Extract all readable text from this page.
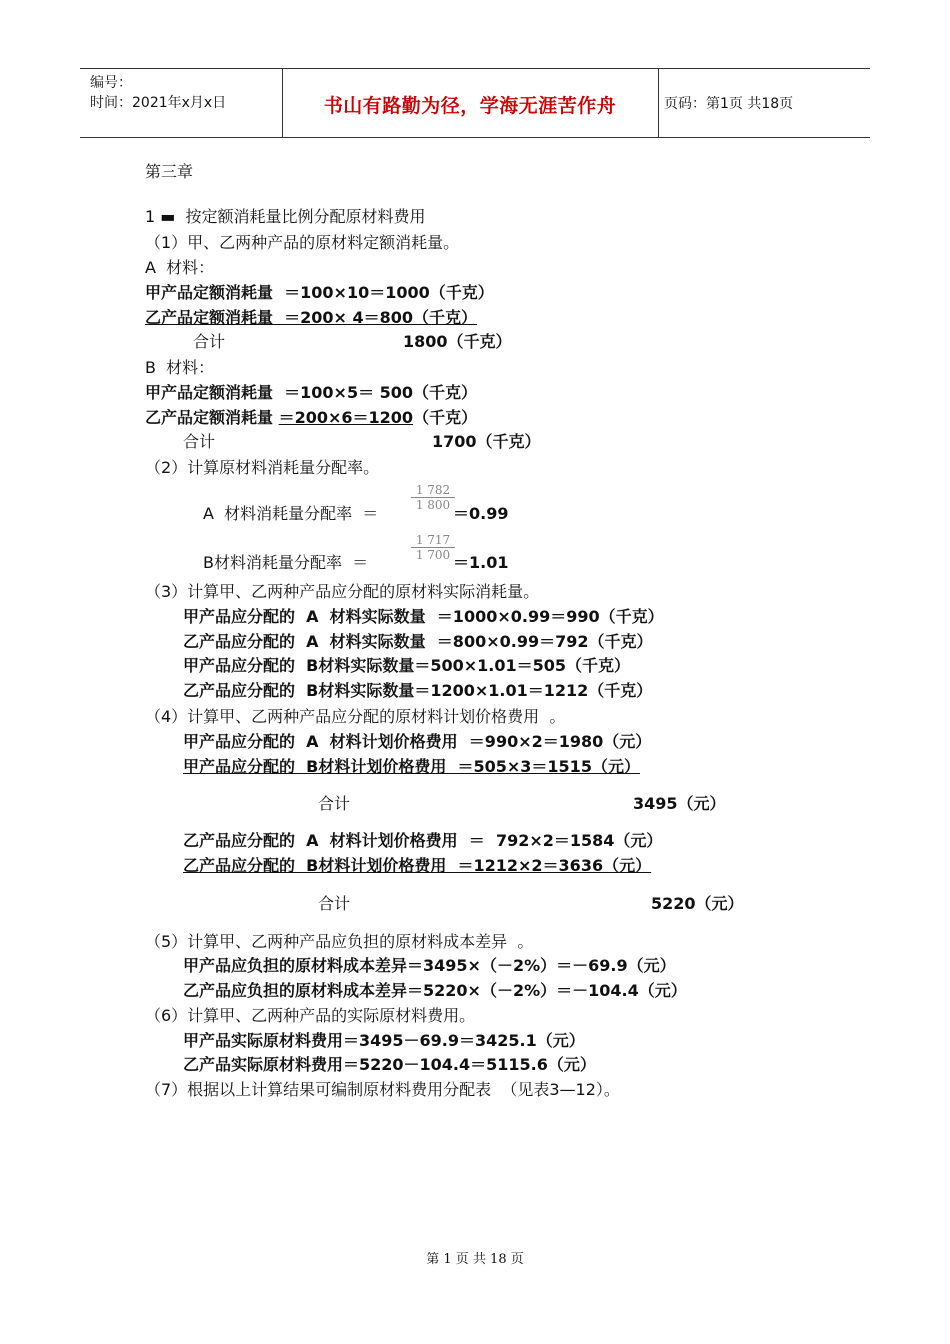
编号：
时间：2021年x月x日	书山有路勤为径，学海无涯苦作舟	页码：第1页 共18页
第三章
1 ▬  按定额消耗量比例分配原材料费用
（1）甲、乙两种产品的原材料定额消耗量。
A  材料：
甲产品定额消耗量  ＝100×10＝1000（千克）
乙产品定额消耗量  ＝200× 4＝800（千克）
合计	1800（千克）
B  材料：
甲产品定额消耗量  ＝100×5＝ 500（千克）
乙产品定额消耗量 ＝200×6＝1200（千克）
合计	1700（千克）
（2）计算原材料消耗量分配率。
A  材料消耗量分配率  ＝
$\frac{1 782}{1 800}$
＝0.99
B材料消耗量分配率  ＝
$\frac{1 717}{1 700}$
＝1.01
（3）计算甲、乙两种产品应分配的原材料实际消耗量。
甲产品应分配的  A  材料实际数量  ＝1000×0.99＝990（千克）
乙产品应分配的  A  材料实际数量  ＝800×0.99＝792（千克）
甲产品应分配的  B材料实际数量＝500×1.01＝505（千克）
乙产品应分配的  B材料实际数量＝1200×1.01＝1212（千克）
（4）计算甲、乙两种产品应分配的原材料计划价格费用  。
甲产品应分配的  A  材料计划价格费用  ＝990×2＝1980（元）
甲产品应分配的  B材料计划价格费用  ＝505×3＝1515（元）
合计	3495（元）
乙产品应分配的  A  材料计划价格费用  ＝  792×2＝1584（元）
乙产品应分配的  B材料计划价格费用  ＝1212×2＝3636（元）
合计	5220（元）
（5）计算甲、乙两种产品应负担的原材料成本差异  。
甲产品应负担的原材料成本差异＝3495×（－2%）＝－69.9（元）
乙产品应负担的原材料成本差异＝5220×（－2%）＝－104.4（元）
（6）计算甲、乙两种产品的实际原材料费用。
甲产品实际原材料费用＝3495－69.9＝3425.1（元）
乙产品实际原材料费用＝5220－104.4＝5115.6（元）
（7）根据以上计算结果可编制原材料费用分配表  （见表3—12）。
第 1 页 共 18 页
